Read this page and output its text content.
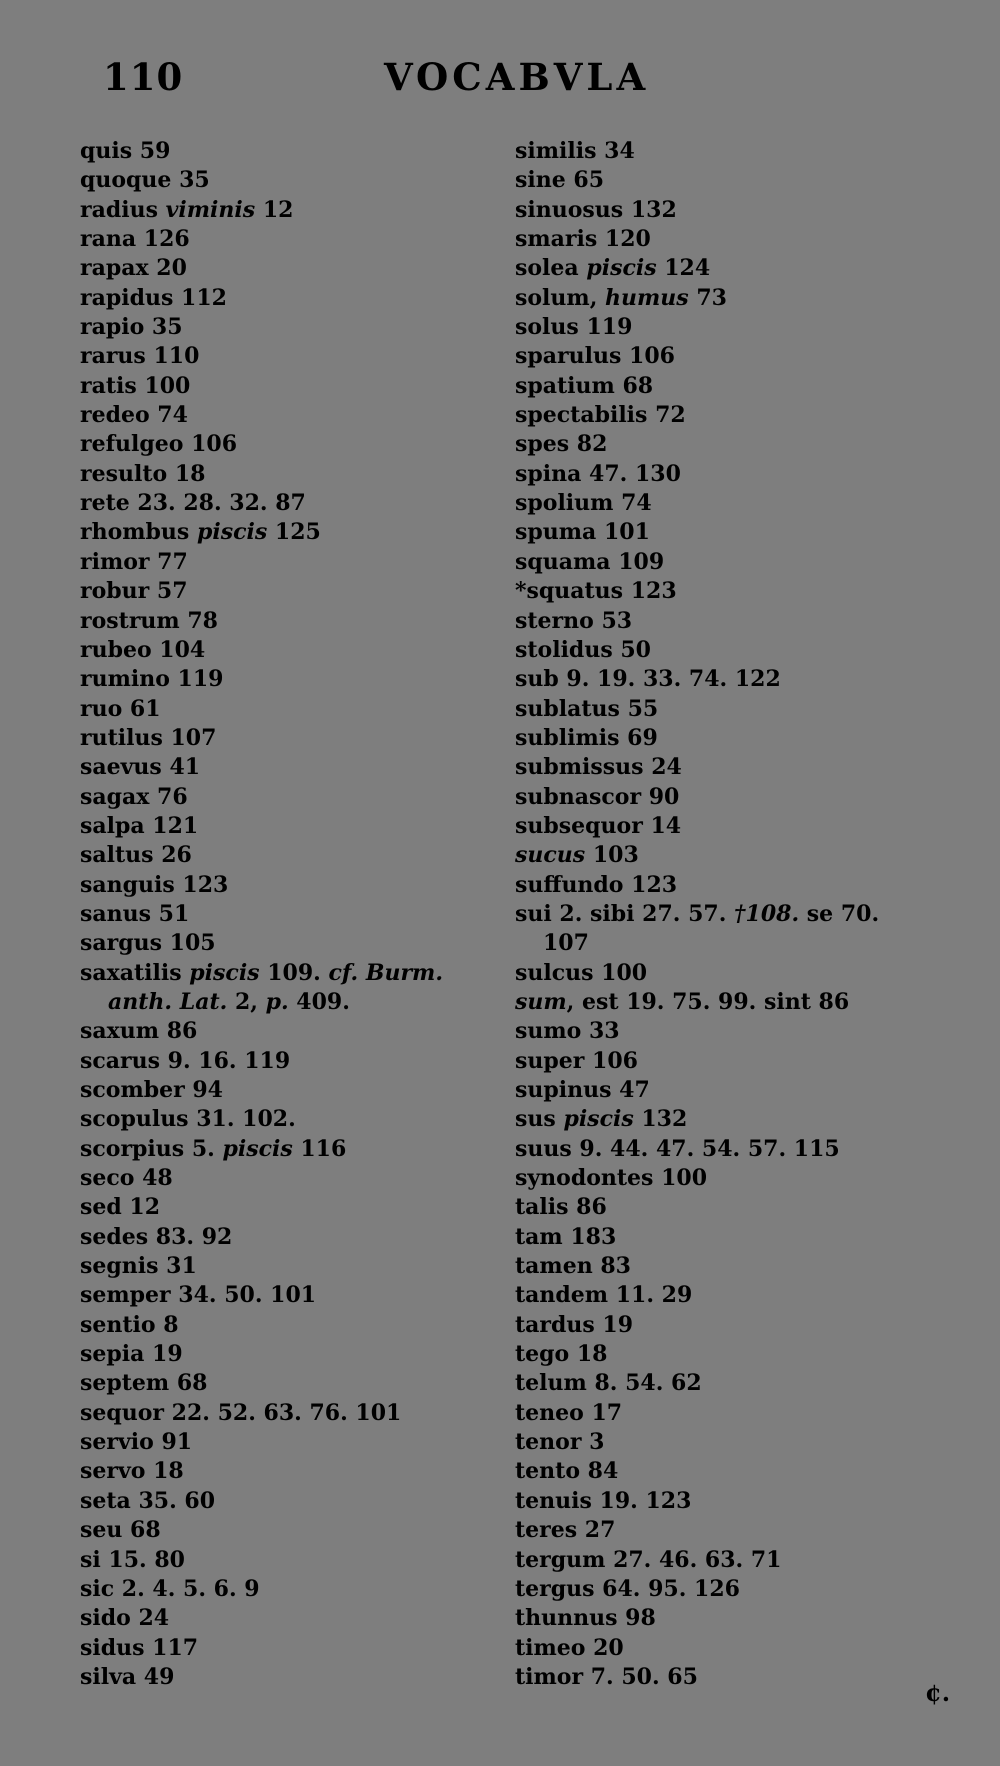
110	VOCABVLA
quis 59
quoque 35
radius viminis 12
rana 126
rapax 20
rapidus 112
rapio 35
rarus 110
ratis 100
redeo 74
refulgeo 106
resulto 18
rete 23. 28. 32. 87
rhombus piscis 125
rimor 77
robur 57
rostrum 78
rubeo 104
rumino 119
ruo 61
rutilus 107
saevus 41
sagax 76
salpa 121
saltus 26
sanguis 123
sanus 51
sargus 105
saxatilis piscis 109. cf. Burm.
anth. Lat. 2, p. 409.
saxum 86
scarus 9. 16. 119
scomber 94
scopulus 31. 102.
scorpius 5. piscis 116
seco 48
sed 12
sedes 83. 92
segnis 31
semper 34. 50. 101
sentio 8
sepia 19
septem 68
sequor 22. 52. 63. 76. 101
servio 91
servo 18
seta 35. 60
seu 68
si 15. 80
sic 2. 4. 5. 6. 9
sido 24
sidus 117
silva 49
similis 34
sine 65
sinuosus 132
smaris 120
solea piscis 124
solum, humus 73
solus 119
sparulus 106
spatium 68
spectabilis 72
spes 82
spina 47. 130
spolium 74
spuma 101
squama 109
*squatus 123
sterno 53
stolidus 50
sub 9. 19. 33. 74. 122
sublatus 55
sublimis 69
submissus 24
subnascor 90
subsequor 14
sucus 103
suffundo 123
sui 2. sibi 27. 57. †108. se 70.
107
sulcus 100
sum, est 19. 75. 99. sint 86
sumo 33
super 106
supinus 47
sus piscis 132
suus 9. 44. 47. 54. 57. 115
synodontes 100
talis 86
tam 183
tamen 83
tandem 11. 29
tardus 19
tego 18
telum 8. 54. 62
teneo 17
tenor 3
tento 84
tenuis 19. 123
teres 27
tergum 27. 46. 63. 71
tergus 64. 95. 126
thunnus 98
timeo 20
timor 7. 50. 65
¢.
